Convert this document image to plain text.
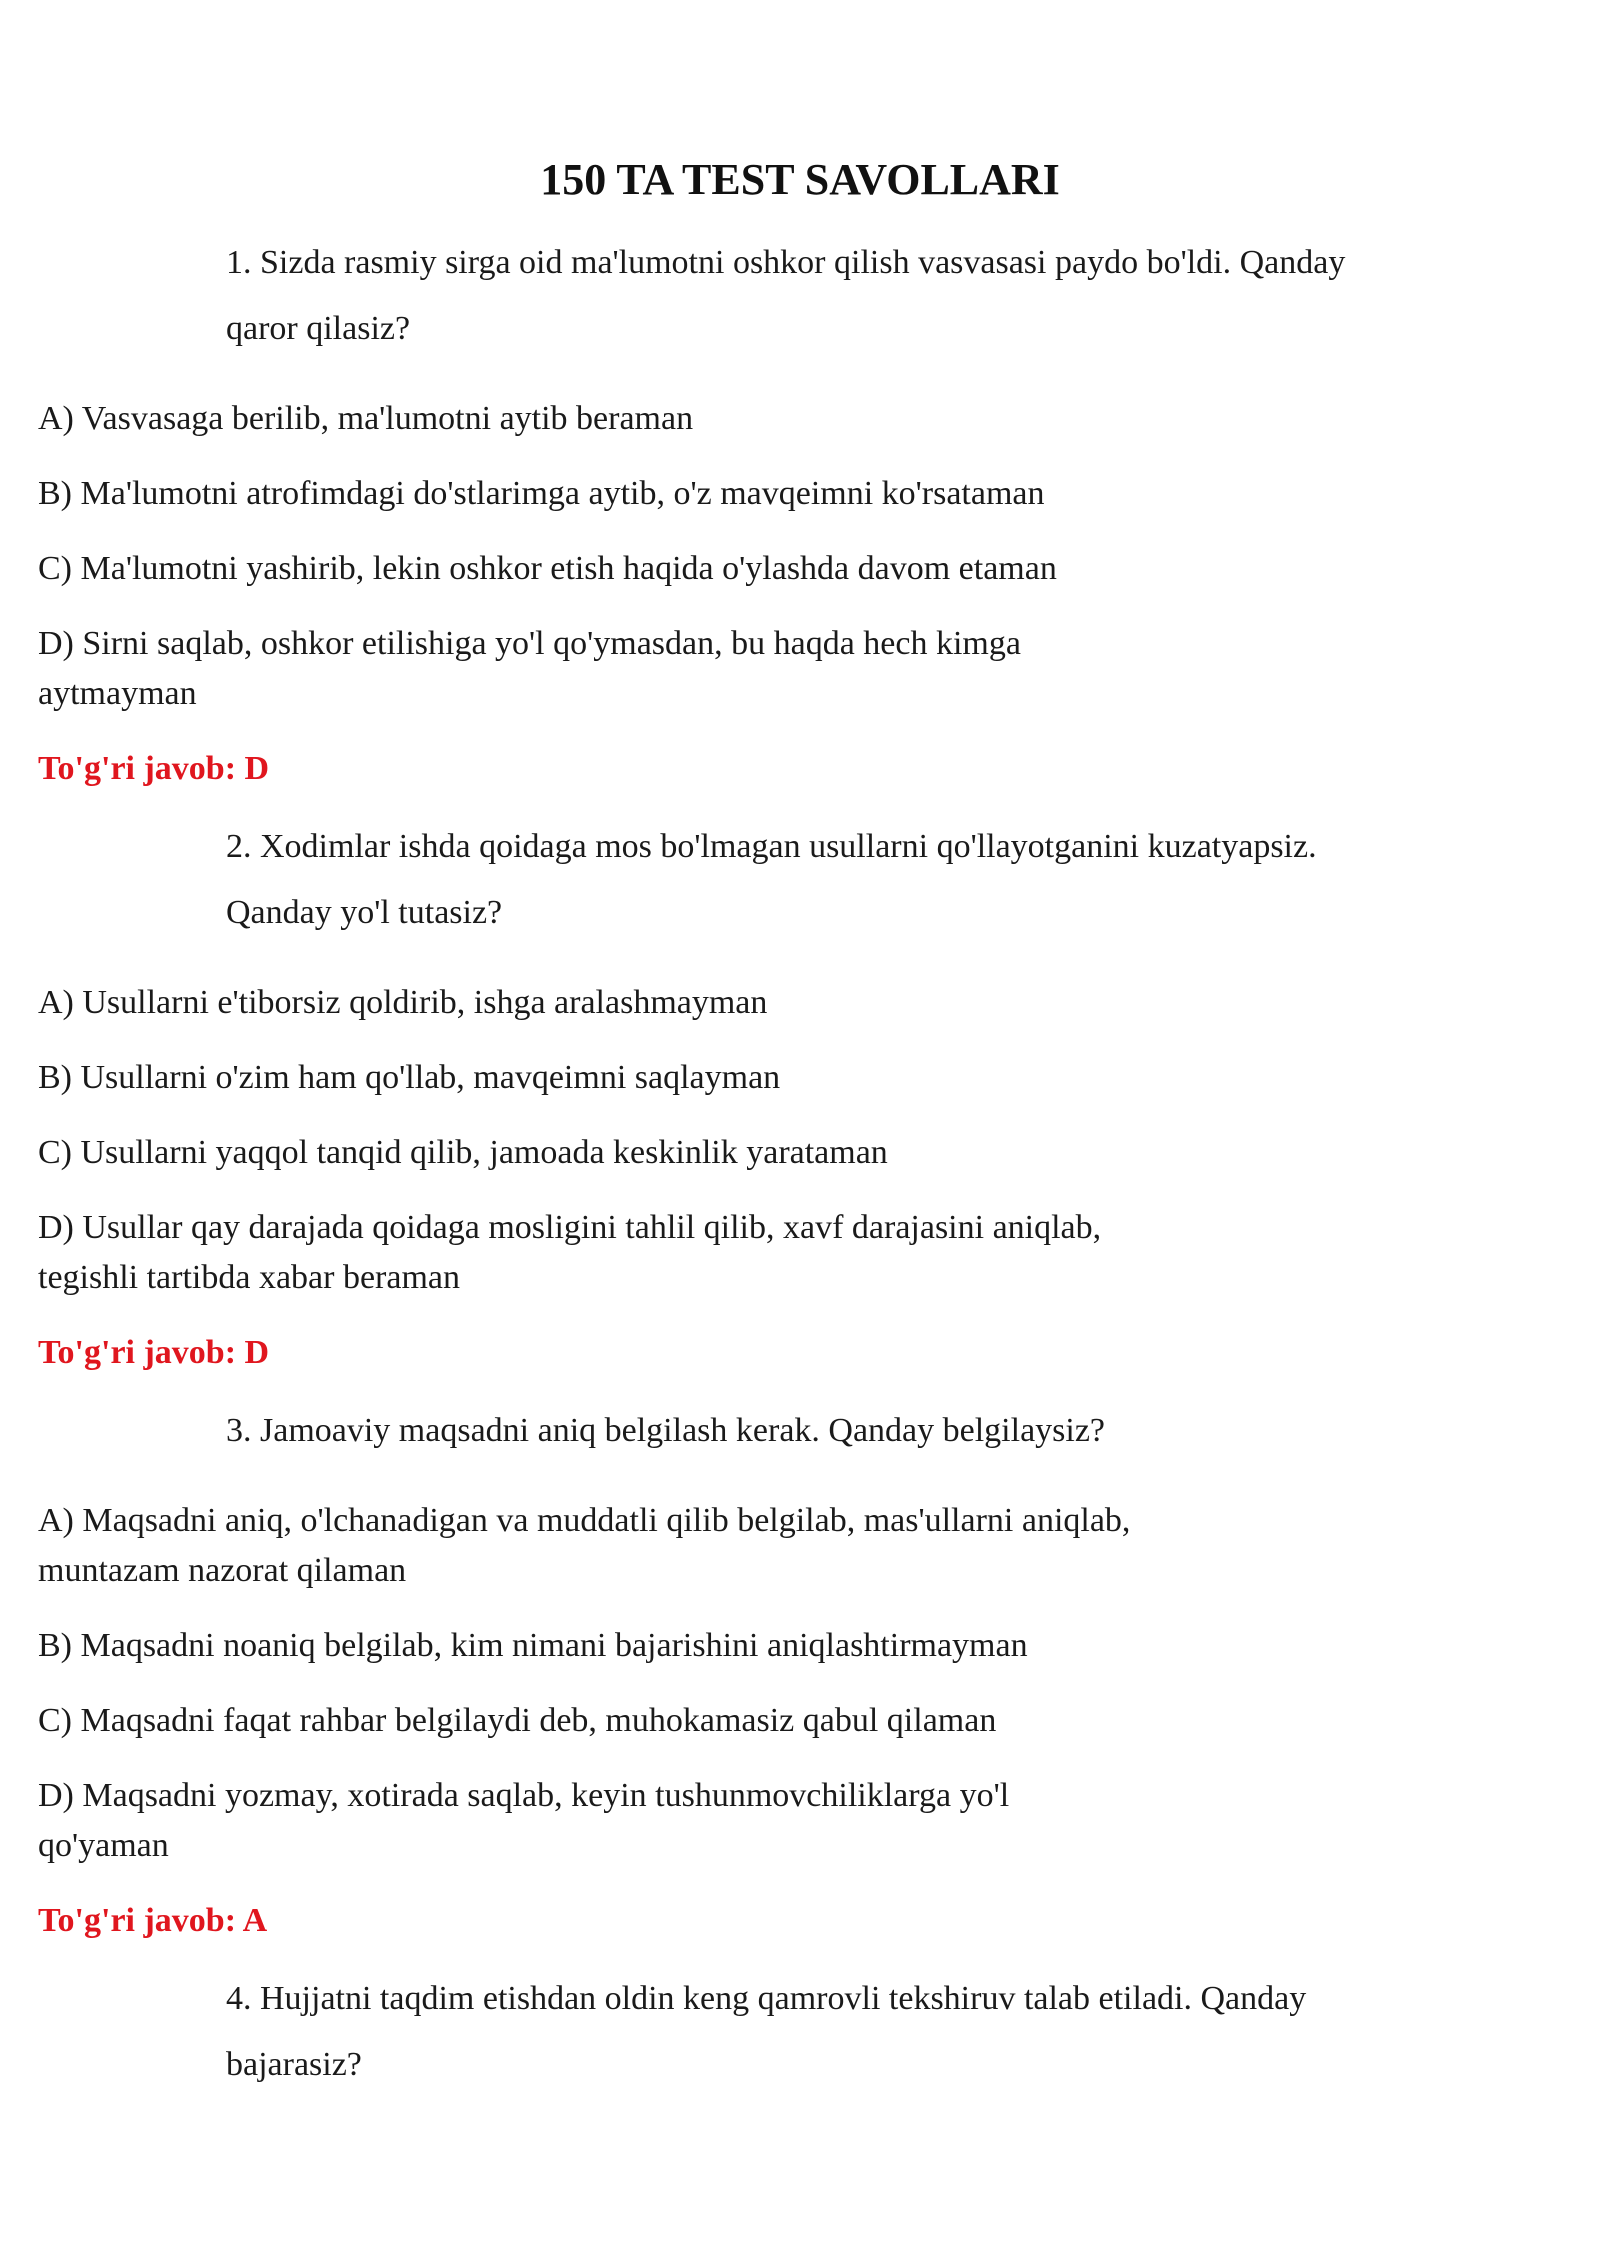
150 TA TEST SAVOLLARI
1. Sizda rasmiy sirga oid ma'lumotni oshkor qilish vasvasasi paydo bo'ldi. Qanday
qaror qilasiz?
A) Vasvasaga berilib, ma'lumotni aytib beraman
B) Ma'lumotni atrofimdagi do'stlarimga aytib, o'z mavqeimni ko'rsataman
C) Ma'lumotni yashirib, lekin oshkor etish haqida o'ylashda davom etaman
D) Sirni saqlab, oshkor etilishiga yo'l qo'ymasdan, bu haqda hech kimga
aytmayman
To'g'ri javob: D
2. Xodimlar ishda qoidaga mos bo'lmagan usullarni qo'llayotganini kuzatyapsiz.
Qanday yo'l tutasiz?
A) Usullarni e'tiborsiz qoldirib, ishga aralashmayman
B) Usullarni o'zim ham qo'llab, mavqeimni saqlayman
C) Usullarni yaqqol tanqid qilib, jamoada keskinlik yarataman
D) Usullar qay darajada qoidaga mosligini tahlil qilib, xavf darajasini aniqlab,
tegishli tartibda xabar beraman
To'g'ri javob: D
3. Jamoaviy maqsadni aniq belgilash kerak. Qanday belgilaysiz?
A) Maqsadni aniq, o'lchanadigan va muddatli qilib belgilab, mas'ullarni aniqlab,
muntazam nazorat qilaman
B) Maqsadni noaniq belgilab, kim nimani bajarishini aniqlashtirmayman
C) Maqsadni faqat rahbar belgilaydi deb, muhokamasiz qabul qilaman
D) Maqsadni yozmay, xotirada saqlab, keyin tushunmovchiliklarga yo'l
qo'yaman
To'g'ri javob: A
4. Hujjatni taqdim etishdan oldin keng qamrovli tekshiruv talab etiladi. Qanday
bajarasiz?
